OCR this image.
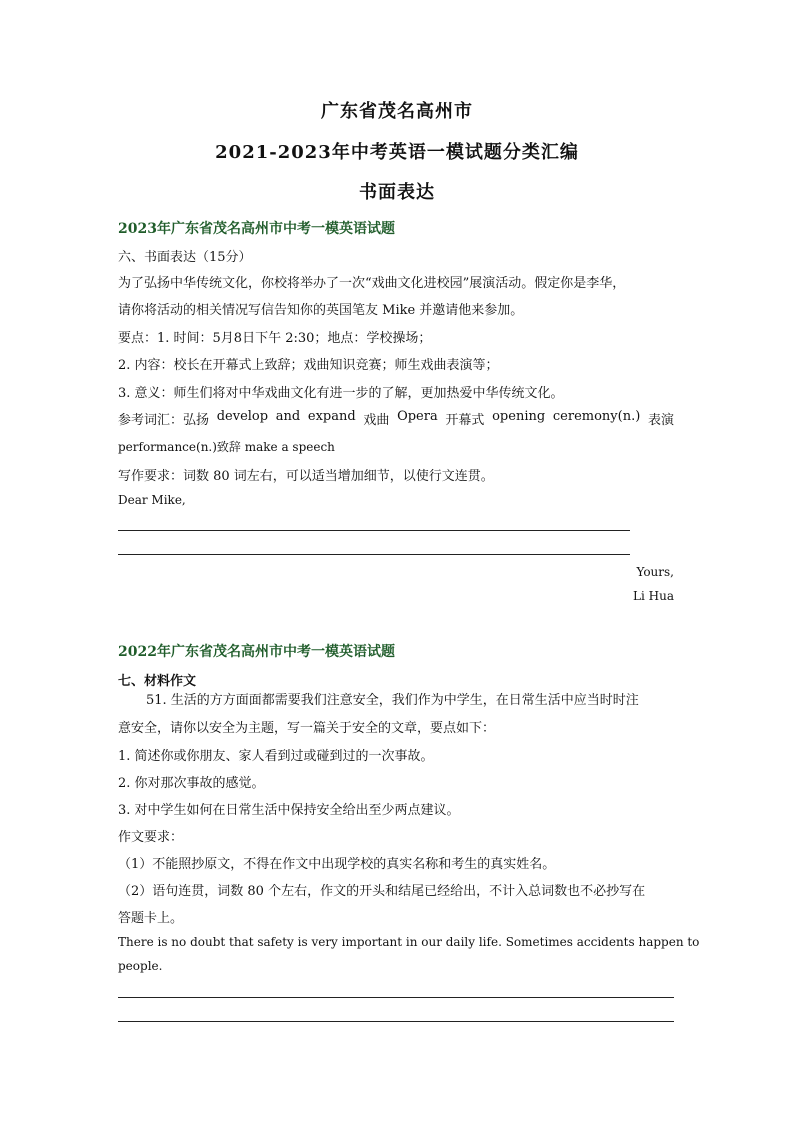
广东省茂名高州市
2021-2023年中考英语一模试题分类汇编
书面表达
2023年广东省茂名高州市中考一模英语试题
六、书面表达（15分）
为了弘扬中华传统文化，你校将举办了一次“戏曲文化进校园”展演活动。假定你是李华，
请你将活动的相关情况写信告知你的英国笔友 Mike 并邀请他来参加。
要点：1. 时间：5月8日下午 2:30；地点：学校操场；
2. 内容：校长在开幕式上致辞；戏曲知识竞赛；师生戏曲表演等；
3. 意义：师生们将对中华戏曲文化有进一步的了解，更加热爱中华传统文化。
参考词汇：弘扬 develop and expand 戏曲 Opera 开幕式 opening ceremony(n.) 表演
performance(n.)致辞 make a speech
写作要求：词数 80 词左右，可以适当增加细节，以使行文连贯。
Dear Mike,
Yours,
Li Hua
2022年广东省茂名高州市中考一模英语试题
七、材料作文
51. 生活的方方面面都需要我们注意安全，我们作为中学生，在日常生活中应当时时注
意安全，请你以安全为主题，写一篇关于安全的文章，要点如下：
1. 简述你或你朋友、家人看到过或碰到过的一次事故。
2. 你对那次事故的感觉。
3. 对中学生如何在日常生活中保持安全给出至少两点建议。
作文要求：
（1）不能照抄原文，不得在作文中出现学校的真实名称和考生的真实姓名。
（2）语句连贯，词数 80 个左右，作文的开头和结尾已经给出，不计入总词数也不必抄写在
答题卡上。
There is no doubt that safety is very important in our daily life. Sometimes accidents happen to
people.
